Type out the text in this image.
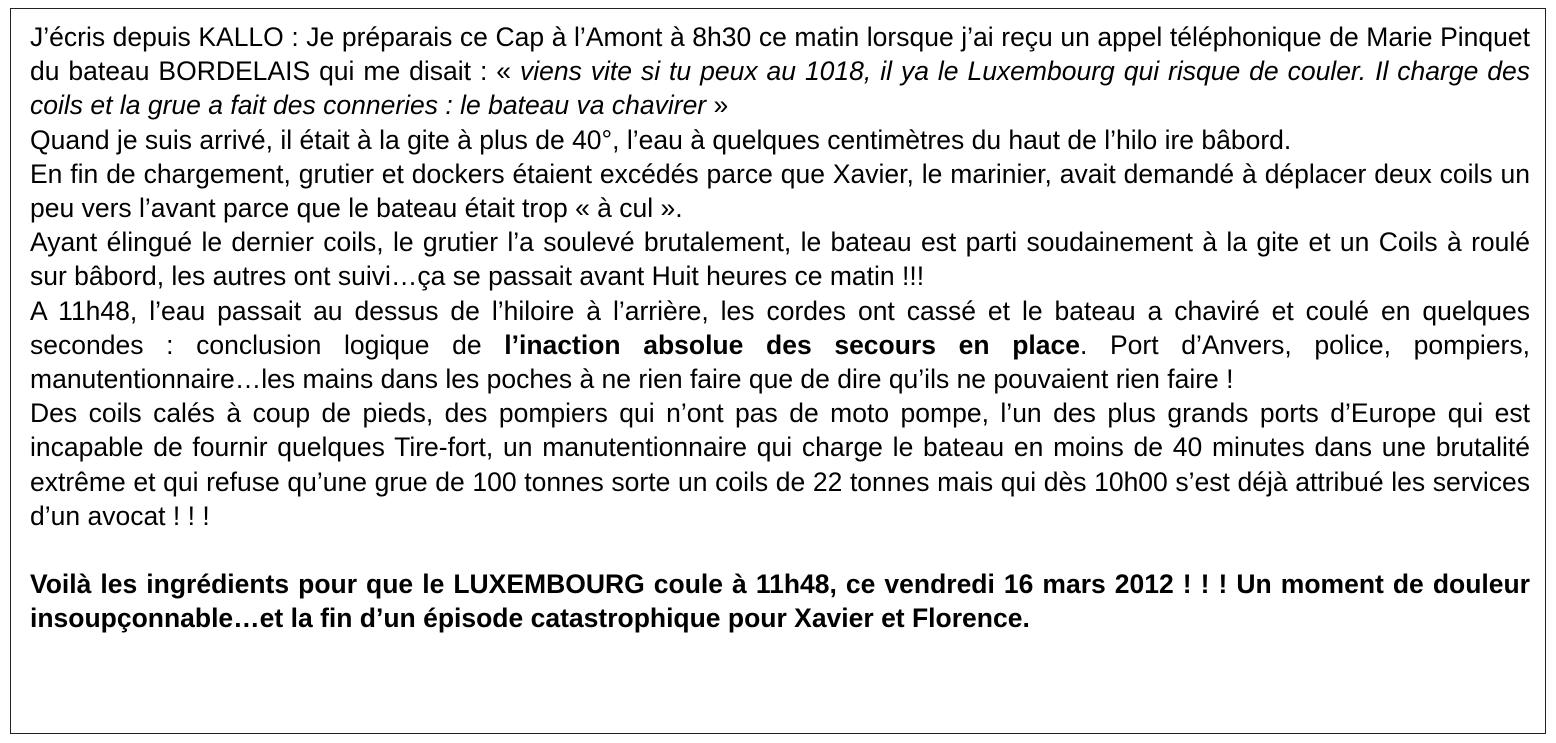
J’écris depuis KALLO : Je préparais ce Cap à l’Amont à 8h30 ce matin lorsque j’ai reçu un appel téléphonique de Marie Pinquet du bateau BORDELAIS qui me disait : « viens vite si tu peux au 1018, il ya le Luxembourg qui risque de couler. Il charge des coils et la grue a fait des conneries : le bateau va chavirer »

Quand je suis arrivé, il était à la gite à plus de 40°, l’eau à quelques centimètres du haut de l’hilo ire bâbord.

En fin de chargement, grutier et dockers étaient excédés parce que Xavier, le marinier, avait demandé à déplacer deux coils un peu vers l’avant parce que le bateau était trop « à cul ».

Ayant élingué le dernier coils, le grutier l’a soulevé brutalement, le bateau est parti soudainement à la gite et un Coils à roulé sur bâbord, les autres ont suivi…ça se passait avant Huit heures ce matin !!!

A 11h48, l’eau passait au dessus de l’hiloire à l’arrière, les cordes ont cassé et le bateau a chaviré et coulé en quelques secondes : conclusion logique de l’inaction absolue des secours en place. Port d’Anvers, police, pompiers, manutentionnaire…les mains dans les poches à ne rien faire que de dire qu’ils ne pouvaient rien faire !

Des coils calés à coup de pieds, des pompiers qui n’ont pas de moto pompe, l’un des plus grands ports d’Europe qui est incapable de fournir quelques Tire-fort, un manutentionnaire qui charge le bateau en moins de 40 minutes dans une brutalité extrême et qui refuse qu’une grue de 100 tonnes sorte un coils de 22 tonnes mais qui dès 10h00 s’est déjà attribué les services d’un avocat ! ! !

Voilà les ingrédients pour que le LUXEMBOURG coule à 11h48, ce vendredi 16 mars 2012 ! ! ! Un moment de douleur insoupçonnable…et la fin d’un épisode catastrophique pour Xavier et Florence.
